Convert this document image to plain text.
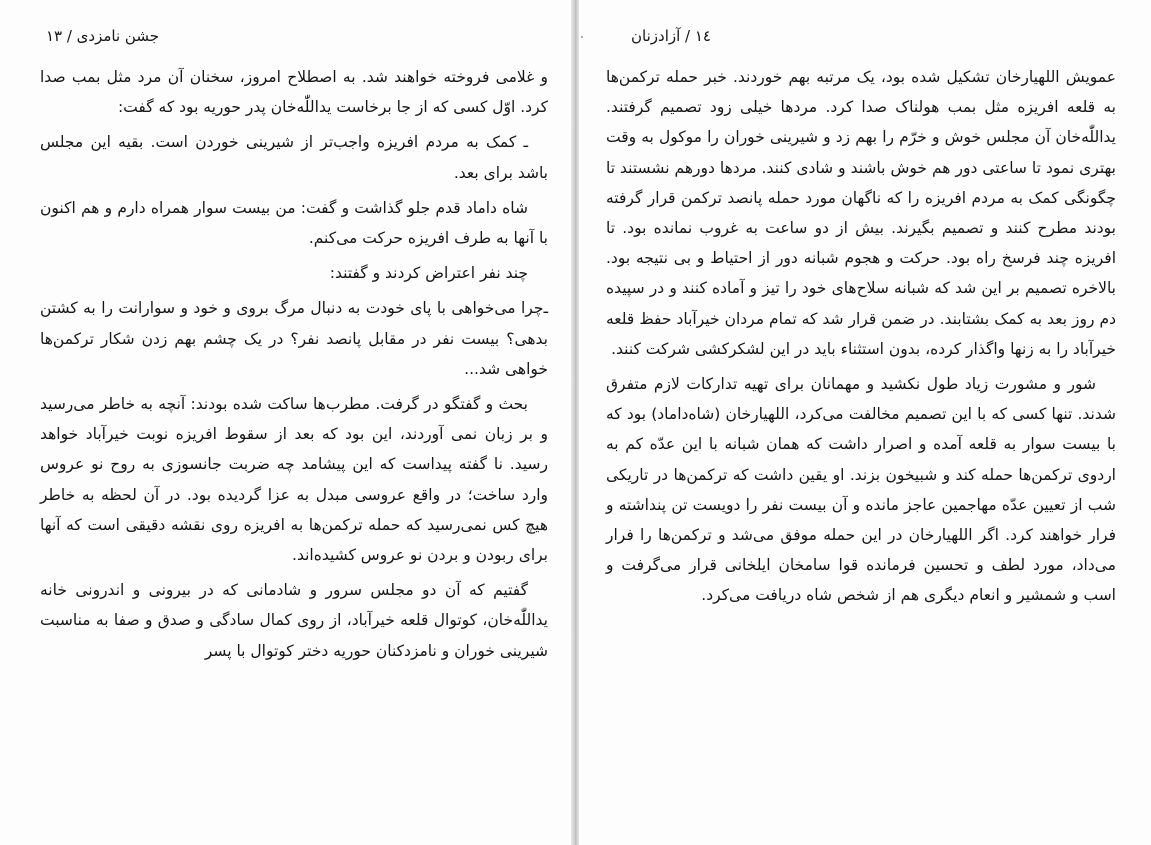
جشن نامزدی / ۱۳

و غلامی فروخته خواهند شد. به اصطلاح امروز، سخنان آن مرد مثل بمب صدا کرد. اوّل کسی که از جا برخاست یداللّٰه‌خان پدر حوریه بود که گفت:

ـ کمک به مردم افریزه واجب‌تر از شیرینی خوردن است. بقیه این مجلس باشد برای بعد.

شاه داماد قدم جلو گذاشت و گفت: من بیست سوار همراه دارم و هم اکنون با آنها به طرف افریزه حرکت می‌کنم.

چند نفر اعتراض کردند و گفتند:

ـ‌چرا می‌خواهی با پای خودت به دنبال مرگ بروی و خود و سوارانت را به کشتن بدهی؟ بیست نفر در مقابل پانصد نفر؟ در یک چشم بهم زدن شکار ترکمن‌ها خواهی شد...

بحث و گفتگو در گرفت. مطرب‌ها ساکت شده بودند: آنچه به خاطر می‌رسید و بر زبان نمی آوردند، این بود که بعد از سقوط افریزه نوبت خیرآباد خواهد رسید. نا گفته پیداست که این پیشامد چه ضربت جانسوزی به روح نو عروس وارد ساخت؛ در واقع عروسی مبدل به عزا گردیده بود. در آن لحظه به خاطر هیچ کس نمی‌رسید که حمله ترکمن‌ها به افریزه روی نقشه دقیقی است که آنها برای ربودن و بردن نو عروس کشیده‌اند.

گفتیم که آن دو مجلس سرور و شادمانی که در بیرونی و اندرونی خانه یداللّٰه‌خان، کوتوال قلعه خیرآباد، از روی کمال سادگی و صدق و صفا به مناسبت شیرینی خوران و نامزدکنان حوریه دختر کوتوال با پسر

١٤ / آزادزنان

عمویش اللهیارخان تشکیل شده بود، یک مرتبه بهم خوردند. خبر حمله ترکمن‌ها به قلعه افریزه مثل بمب هولناک صدا کرد. مردها خیلی زود تصمیم گرفتند. یداللّٰه‌خان آن مجلس خوش و خرّم را بهم زد و شیرینی خوران را موکول به وقت بهتری نمود تا ساعتی دور هم خوش باشند و شادی کنند. مردها دورهم نشستند تا چگونگی کمک به مردم افریزه را که ناگهان مورد حمله پانصد ترکمن قرار گرفته بودند مطرح کنند و تصمیم بگیرند. بیش از دو ساعت به غروب نمانده بود. تا افریزه چند فرسخ راه بود. حرکت و هجوم شبانه دور از احتیاط و بی نتیجه بود. بالاخره تصمیم بر این شد که شبانه سلاح‌های خود را تیز و آماده کنند و در سپیده دم روز بعد به کمک بشتابند. در ضمن قرار شد که تمام مردان خیرآباد حفظ قلعه خیرآباد را به زنها واگذار کرده، بدون استثناء باید در این لشکرکشی شرکت کنند.

شور و مشورت زیاد طول نکشید و مهمانان برای تهیه تدارکات لازم متفرق شدند. تنها کسی که با این تصمیم مخالفت می‌کرد، اللهیارخان (شاه‌داماد) بود که با بیست سوار به قلعه آمده و اصرار داشت که همان شبانه با این عدّه کم به اردوی ترکمن‌ها حمله کند و شبیخون بزند. او یقین داشت که ترکمن‌ها در تاریکی شب از تعیین عدّه مهاجمین عاجز مانده و آن بیست نفر را دویست تن پنداشته و فرار خواهند کرد. اگر اللهیارخان در این حمله موفق می‌شد و ترکمن‌ها را فرار می‌داد، مورد لطف و تحسین فرمانده قوا سامخان ایلخانی قرار می‌گرفت و اسب و شمشیر و انعام دیگری هم از شخص شاه دریافت می‌کرد.
